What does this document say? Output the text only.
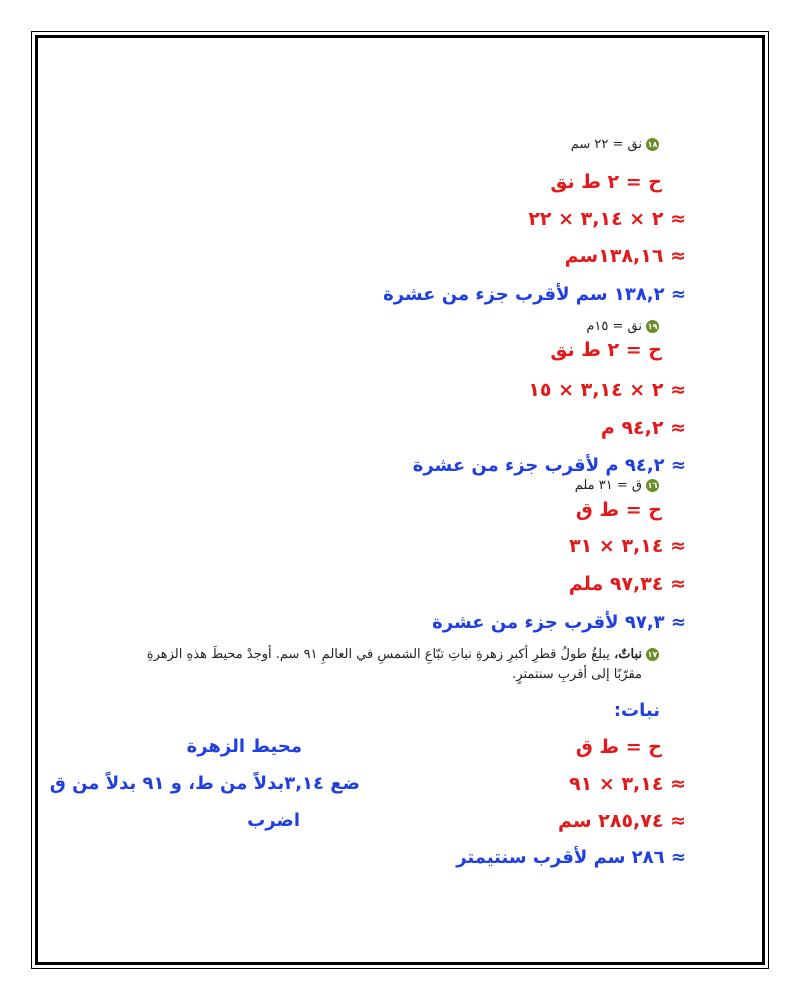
١٨نق = ٢٢ سم
ح = ٢ ط نق
≈ ٢ × ٣,١٤ × ٢٢
≈ ١٣٨,١٦سم
≈ ١٣٨,٢ سم لأقرب جزء من عشرة
١٩نق = ١٥م
ح = ٢ ط نق
≈ ٢ × ٣,١٤ × ١٥
≈ ٩٤,٢ م
≈ ٩٤,٢ م لأقرب جزء من عشرة
١٦ق = ٣١ ملم
ح = ط ق
≈ ٣,١٤ × ٣١
≈ ٩٧,٣٤ ملم
≈ ٩٧,٣ لأقرب جزء من عشرة
١٧نباتٌ، يبلغُ طولُ قطرِ أكبرِ زهرةِ نباتِ تبّاعِ الشمسِ في العالمِ ٩١ سم. أوجدْ محيطَ هذهِ الزهرةِ
مقرّبًا إلى أقربِ سنتمترٍ.
نبات:
ح = ط ق
محيط الزهرة
≈ ٣,١٤ × ٩١
ضع ٣,١٤بدلاً من ط، و ٩١ بدلاً من ق
≈ ٢٨٥,٧٤ سم
اضرب
≈ ٢٨٦ سم لأقرب سنتيمتر
